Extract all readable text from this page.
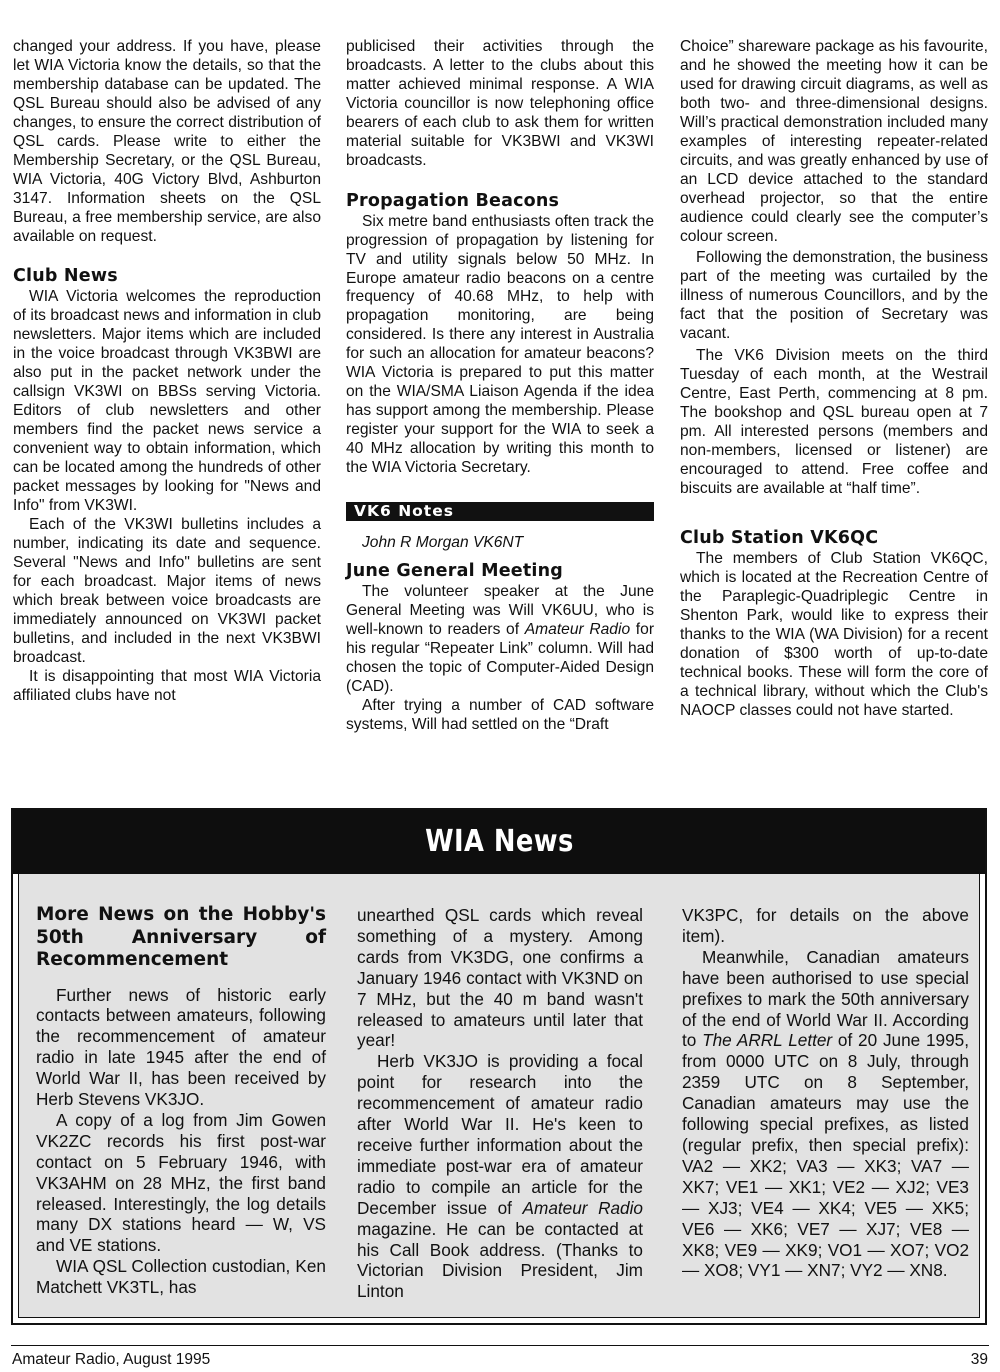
changed your address. If you have, please let WIA Victoria know the details, so that the membership database can be updated. The QSL Bureau should also be advised of any changes, to ensure the correct distribution of QSL cards. Please write to either the Membership Secretary, or the QSL Bureau, WIA Victoria, 40G Victory Blvd, Ashburton 3147. Information sheets on the QSL Bureau, a free membership service, are also available on request.

Club News

WIA Victoria welcomes the reproduction of its broadcast news and information in club newsletters. Major items which are included in the voice broadcast through VK3BWI are also put in the packet network under the callsign VK3WI on BBSs serving Victoria. Editors of club newsletters and other members find the packet news service a convenient way to obtain information, which can be located among the hundreds of other packet messages by looking for "News and Info" from VK3WI.

Each of the VK3WI bulletins includes a number, indicating its date and sequence. Several "News and Info" bulletins are sent for each broadcast. Major items of news which break between voice broadcasts are immediately announced on VK3WI packet bulletins, and included in the next VK3BWI broadcast.

It is disappointing that most WIA Victoria affiliated clubs have not

publicised their activities through the broadcasts. A letter to the clubs about this matter achieved minimal response. A WIA Victoria councillor is now telephoning office bearers of each club to ask them for written material suitable for VK3BWI and VK3WI broadcasts.

Propagation Beacons

Six metre band enthusiasts often track the progression of propagation by listening for TV and utility signals below 50 MHz. In Europe amateur radio beacons on a centre frequency of 40.68 MHz, to help with propagation monitoring, are being considered. Is there any interest in Australia for such an allocation for amateur beacons? WIA Victoria is prepared to put this matter on the WIA/SMA Liaison Agenda if the idea has support among the membership. Please register your support for the WIA to seek a 40 MHz allocation by writing this month to the WIA Victoria Secretary.

VK6 Notes

John R Morgan VK6NT

June General Meeting

The volunteer speaker at the June General Meeting was Will VK6UU, who is well-known to readers of Amateur Radio for his regular “Repeater Link” column. Will had chosen the topic of Computer-Aided Design (CAD).

After trying a number of CAD software systems, Will had settled on the “Draft

Choice” shareware package as his favourite, and he showed the meeting how it can be used for drawing circuit diagrams, as well as both two- and three-dimensional designs. Will’s practical demonstration included many examples of interesting repeater-related circuits, and was greatly enhanced by use of an LCD device attached to the standard overhead projector, so that the entire audience could clearly see the computer’s colour screen.

Following the demonstration, the business part of the meeting was curtailed by the illness of numerous Councillors, and by the fact that the position of Secretary was vacant.

The VK6 Division meets on the third Tuesday of each month, at the Westrail Centre, East Perth, commencing at 8 pm. The bookshop and QSL bureau open at 7 pm. All interested persons (members and non-members, licensed or listener) are encouraged to attend. Free coffee and biscuits are available at “half time”.

Club Station VK6QC

The members of Club Station VK6QC, which is located at the Recreation Centre of the Paraplegic-Quadriplegic Centre in Shenton Park, would like to express their thanks to the WIA (WA Division) for a recent donation of $300 worth of up-to-date technical books. These will form the core of a technical library, without which the Club's NAOCP classes could not have started.

WIA News
More News on the Hobby's 50th Anniversary of Recommencement

Further news of historic early contacts between amateurs, following the recommencement of amateur radio in late 1945 after the end of World War II, has been received by Herb Stevens VK3JO.

A copy of a log from Jim Gowen VK2ZC records his first post-war contact on 5 February 1946, with VK3AHM on 28 MHz, the first band released. Interestingly, the log details many DX stations heard — W, VS and VE stations.

WIA QSL Collection custodian, Ken Matchett VK3TL, has

unearthed QSL cards which reveal something of a mystery. Among cards from VK3DG, one confirms a January 1946 contact with VK3ND on 7 MHz, but the 40 m band wasn't released to amateurs until later that year!

Herb VK3JO is providing a focal point for research into the recommencement of amateur radio after World War II. He's keen to receive further information about the immediate post-war era of amateur radio to compile an article for the December issue of Amateur Radio magazine. He can be contacted at his Call Book address. (Thanks to Victorian Division President, Jim Linton

VK3PC, for details on the above item).

Meanwhile, Canadian amateurs have been authorised to use special prefixes to mark the 50th anniversary of the end of World War II. According to The ARRL Letter of 20 June 1995, from 0000 UTC on 8 July, through 2359 UTC on 8 September, Canadian amateurs may use the following special prefixes, as listed (regular prefix, then special prefix): VA2 — XK2; VA3 — XK3; VA7 — XK7; VE1 — XK1; VE2 — XJ2; VE3 — XJ3; VE4 — XK4; VE5 — XK5; VE6 — XK6; VE7 — XJ7; VE8 — XK8; VE9 — XK9; VO1 — XO7; VO2 — XO8; VY1 — XN7; VY2 — XN8.

Amateur Radio, August 1995	39
